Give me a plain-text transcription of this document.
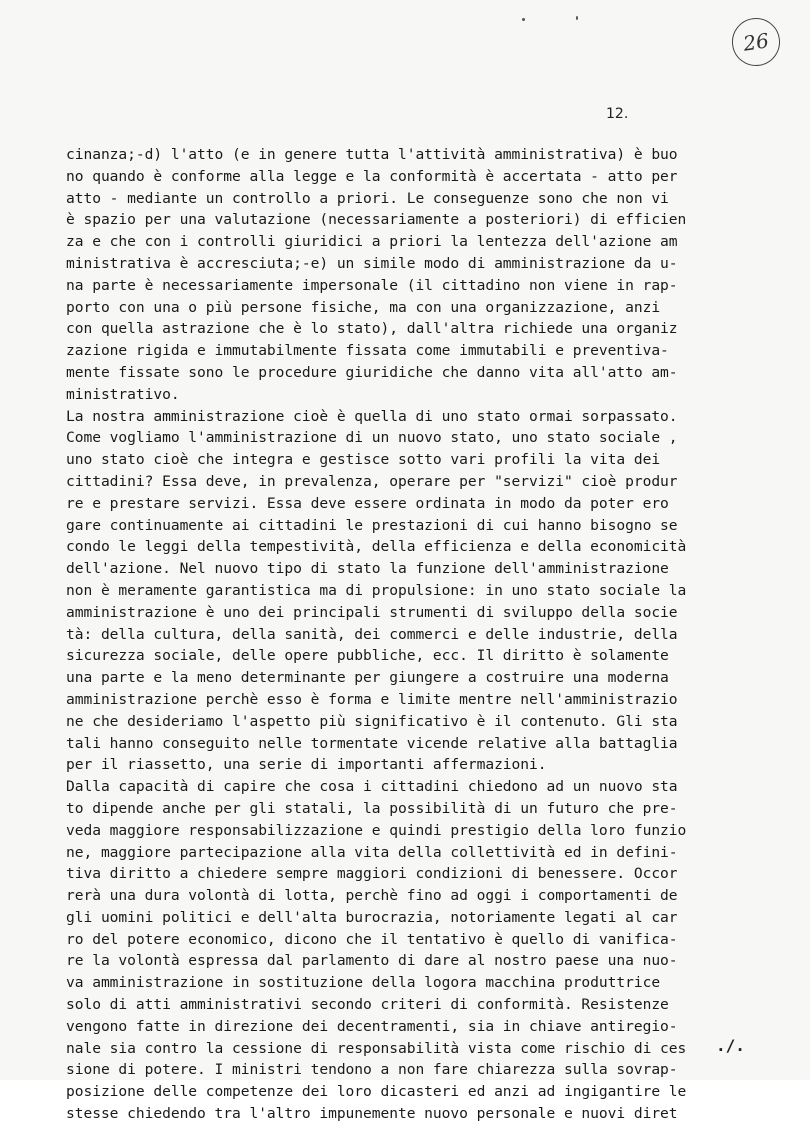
26
12.
cinanza;-d) l'atto (e in genere tutta l'attività amministrativa) è buo
no quando è conforme alla legge e la conformità è accertata - atto per
atto - mediante un controllo a priori. Le conseguenze sono che non vi
è spazio per una valutazione (necessariamente a posteriori) di efficien
za e che con i controlli giuridici a priori la lentezza dell'azione am
ministrativa è accresciuta;-e) un simile modo di amministrazione da u-
na parte è necessariamente impersonale (il cittadino non viene in rap-
porto con una o più persone fisiche, ma con una organizzazione, anzi
con quella astrazione che è lo stato), dall'altra richiede una organiz
zazione rigida e immutabilmente fissata come immutabili e preventiva-
mente fissate sono le procedure giuridiche che danno vita all'atto am-
ministrativo.
La nostra amministrazione cioè è quella di uno stato ormai sorpassato.
Come vogliamo l'amministrazione di un nuovo stato, uno stato sociale ,
uno stato cioè che integra e gestisce sotto vari profili la vita dei
cittadini? Essa deve, in prevalenza, operare per "servizi" cioè produr
re e prestare servizi. Essa deve essere ordinata in modo da poter ero
gare continuamente ai cittadini le prestazioni di cui hanno bisogno se
condo le leggi della tempestività, della efficienza e della economicità
dell'azione. Nel nuovo tipo di stato la funzione dell'amministrazione
non è meramente garantistica ma di propulsione: in uno stato sociale la
amministrazione è uno dei principali strumenti di sviluppo della socie
tà: della cultura, della sanità, dei commerci e delle industrie, della
sicurezza sociale, delle opere pubbliche, ecc. Il diritto è solamente
una parte e la meno determinante per giungere a costruire una moderna
amministrazione perchè esso è forma e limite mentre nell'amministrazio
ne che desideriamo l'aspetto più significativo è il contenuto. Gli sta
tali hanno conseguito nelle tormentate vicende relative alla battaglia
per il riassetto, una serie di importanti affermazioni.
Dalla capacità di capire che cosa i cittadini chiedono ad un nuovo sta
to dipende anche per gli statali, la possibilità di un futuro che pre-
veda maggiore responsabilizzazione e quindi prestigio della loro funzio
ne, maggiore partecipazione alla vita della collettività ed in defini-
tiva diritto a chiedere sempre maggiori condizioni di benessere. Occor
rerà una dura volontà di lotta, perchè fino ad oggi i comportamenti de
gli uomini politici e dell'alta burocrazia, notoriamente legati al car
ro del potere economico, dicono che il tentativo è quello di vanifica-
re la volontà espressa dal parlamento di dare al nostro paese una nuo-
va amministrazione in sostituzione della logora macchina produttrice
solo di atti amministrativi secondo criteri di conformità. Resistenze
vengono fatte in direzione dei decentramenti, sia in chiave antiregio-
nale sia contro la cessione di responsabilità vista come rischio di ces
sione di potere. I ministri tendono a non fare chiarezza sulla sovrap-
posizione delle competenze dei loro dicasteri ed anzi ad ingigantire le
stesse chiedendo tra l'altro impunemente nuovo personale e nuovi diret
./.
